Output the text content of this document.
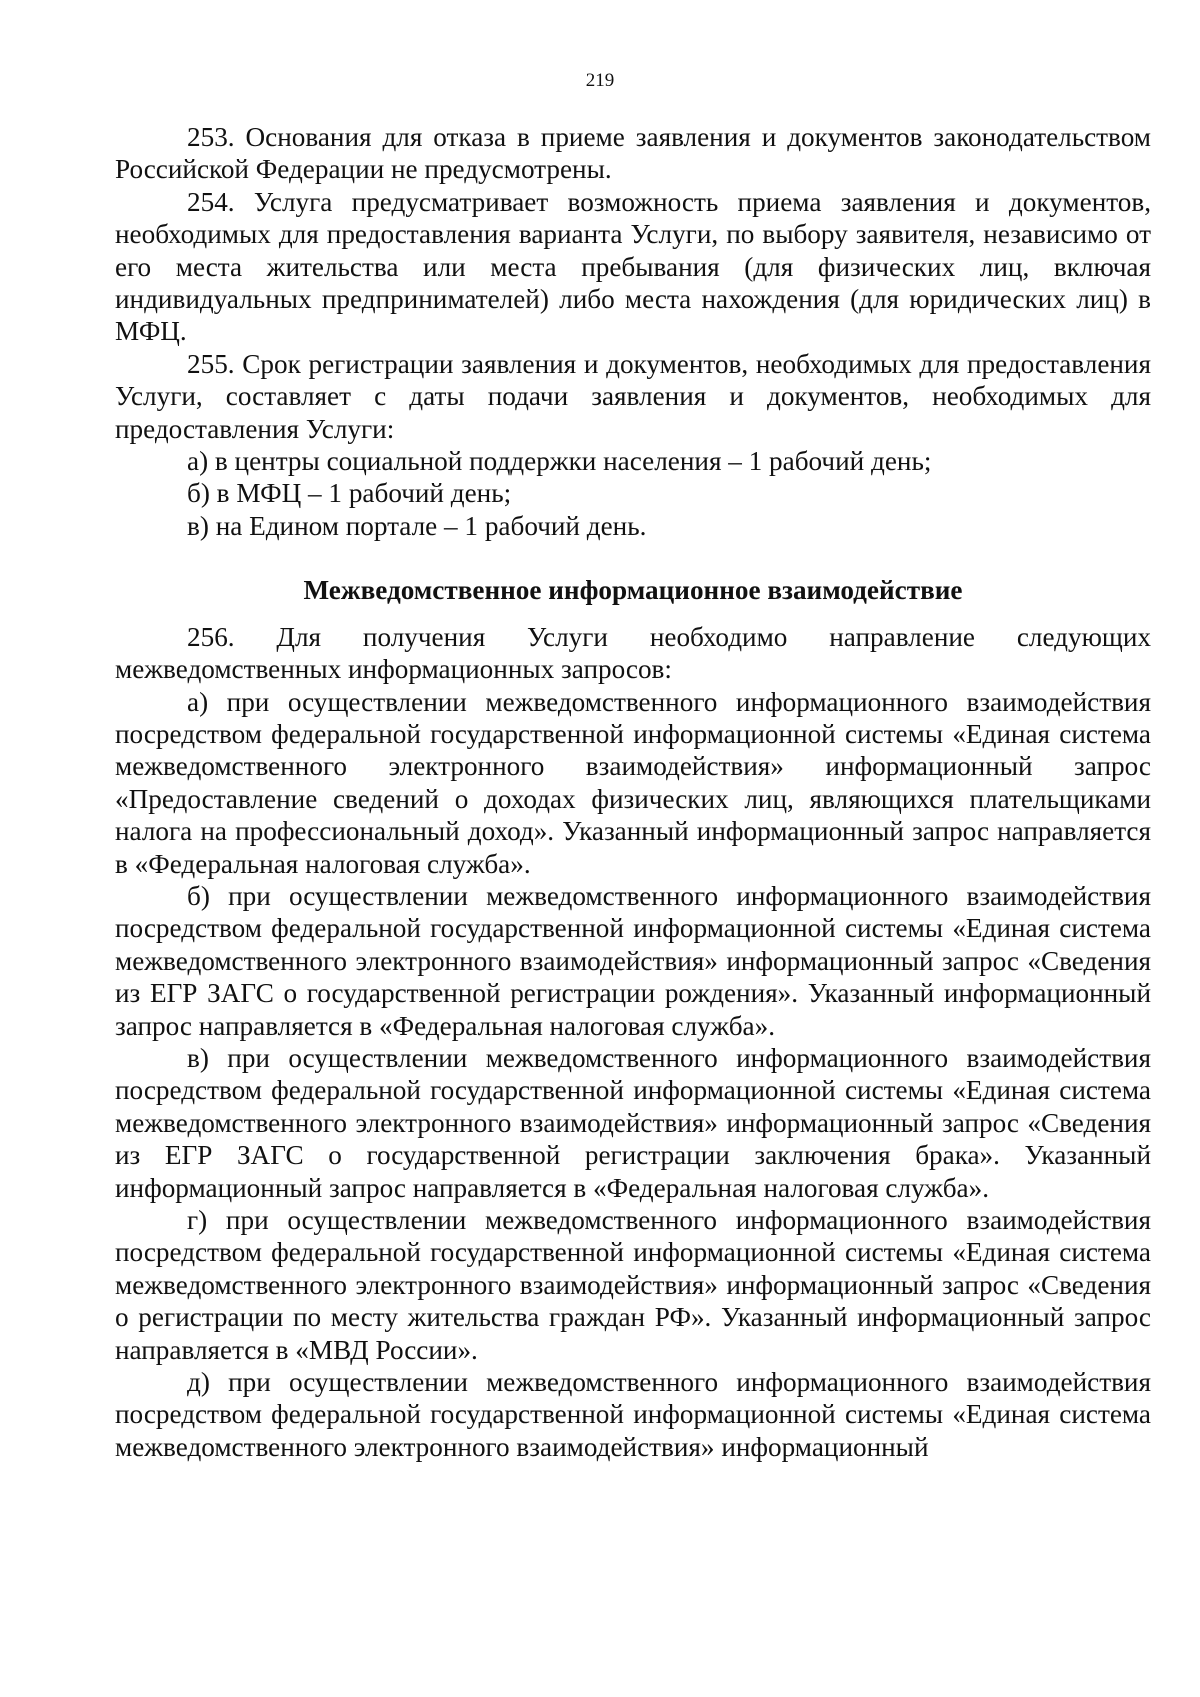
219

253. Основания для отказа в приеме заявления и документов законодательством Российской Федерации не предусмотрены.

254. Услуга предусматривает возможность приема заявления и документов, необходимых для предоставления варианта Услуги, по выбору заявителя, независимо от его места жительства или места пребывания (для физических лиц, включая индивидуальных предпринимателей) либо места нахождения (для юридических лиц) в МФЦ.

255. Срок регистрации заявления и документов, необходимых для предоставления Услуги, составляет с даты подачи заявления и документов, необходимых для предоставления Услуги:

а) в центры социальной поддержки населения – 1 рабочий день;

б) в МФЦ – 1 рабочий день;

в) на Едином портале – 1 рабочий день.

Межведомственное информационное взаимодействие

256. Для получения Услуги необходимо направление следующих межведомственных информационных запросов:

а) при осуществлении межведомственного информационного взаимодействия посредством федеральной государственной информационной системы «Единая система межведомственного электронного взаимодействия» информационный запрос «Предоставление сведений о доходах физических лиц, являющихся плательщиками налога на профессиональный доход». Указанный информационный запрос направляется в «Федеральная налоговая служба».

б) при осуществлении межведомственного информационного взаимодействия посредством федеральной государственной информационной системы «Единая система межведомственного электронного взаимодействия» информационный запрос «Сведения из ЕГР ЗАГС о государственной регистрации рождения». Указанный информационный запрос направляется в «Федеральная налоговая служба».

в) при осуществлении межведомственного информационного взаимодействия посредством федеральной государственной информационной системы «Единая система межведомственного электронного взаимодействия» информационный запрос «Сведения из ЕГР ЗАГС о государственной регистрации заключения брака». Указанный информационный запрос направляется в «Федеральная налоговая служба».

г) при осуществлении межведомственного информационного взаимодействия посредством федеральной государственной информационной системы «Единая система межведомственного электронного взаимодействия» информационный запрос «Сведения о регистрации по месту жительства граждан РФ». Указанный информационный запрос направляется в «МВД России».

д) при осуществлении межведомственного информационного взаимодействия посредством федеральной государственной информационной системы «Единая система межведомственного электронного взаимодействия» информационный
